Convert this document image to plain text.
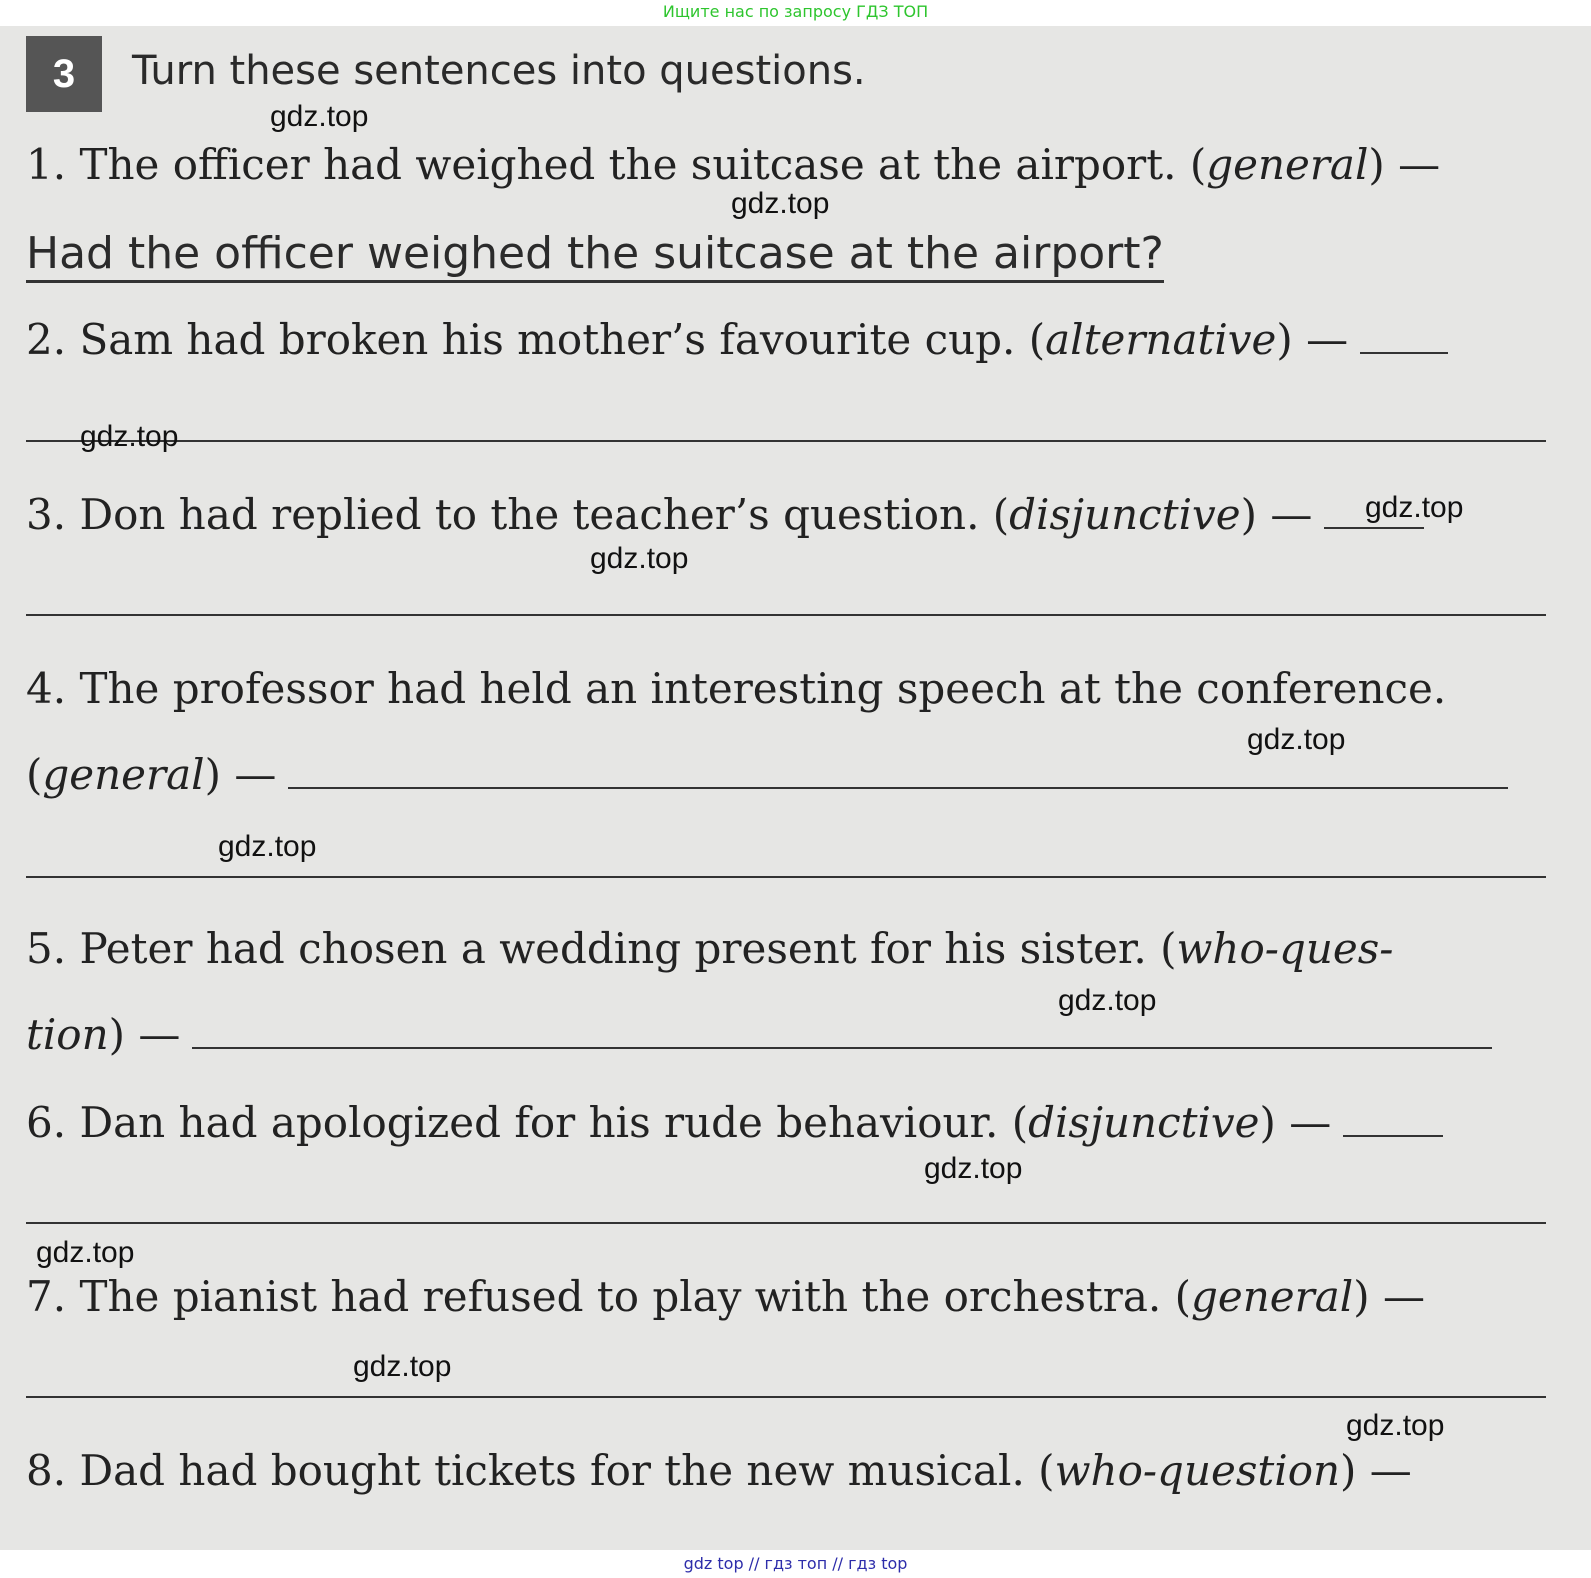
Ищите нас по запросу ГДЗ ТОП
3	Turn these sentences into questions.
1. The officer had weighed the suitcase at the airport. (general) —
Had the officer weighed the suitcase at the airport?
2. Sam had broken his mother’s favourite cup. (alternative) —
3. Don had replied to the teacher’s question. (disjunctive) —
4. The professor had held an interesting speech at the conference.
(general) —
5. Peter had chosen a wedding present for his sister. (who-ques-
tion) —
6. Dan had apologized for his rude behaviour. (disjunctive) —
7. The pianist had refused to play with the orchestra. (general) —
8. Dad had bought tickets for the new musical. (who-question) —
gdz.top
gdz.top
gdz.top
gdz.top
gdz.top
gdz.top
gdz.top
gdz.top
gdz.top
gdz.top
gdz.top
gdz.top
gdz top // гдз топ // гдз top
